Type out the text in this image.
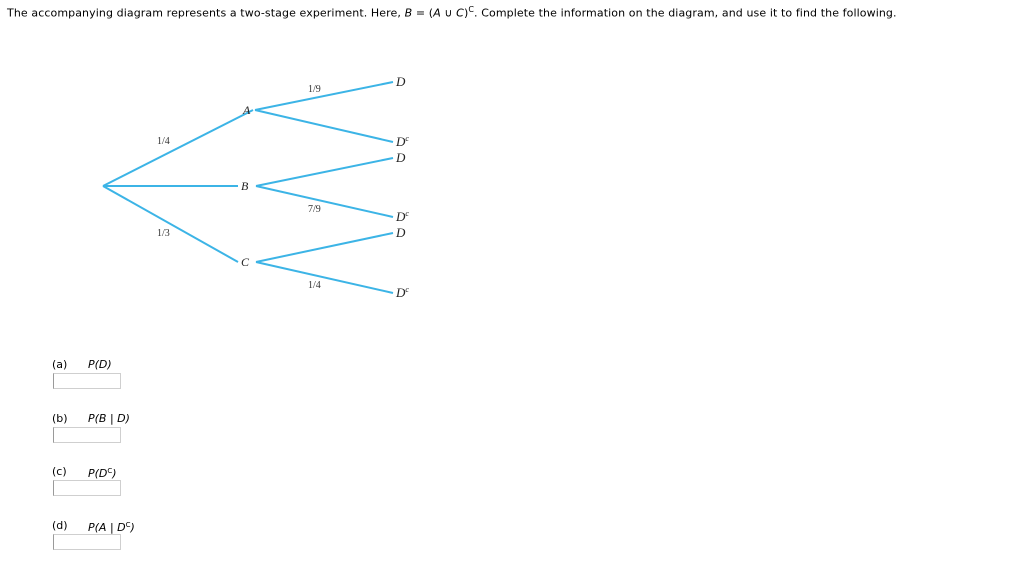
The accompanying diagram represents a two-stage experiment. Here, B = (A ∪ C)$^C$. Complete the information on the diagram, and use it to find the following.

1/4
1/3
1/9
7/9
1/4
A
B
C
D
$D^c$
D
$D^c$
D
$D^c$
(a) P(D)
(b) P(B | D)
(c) $P(D^C)$
(d) P(A | $D^C$)
